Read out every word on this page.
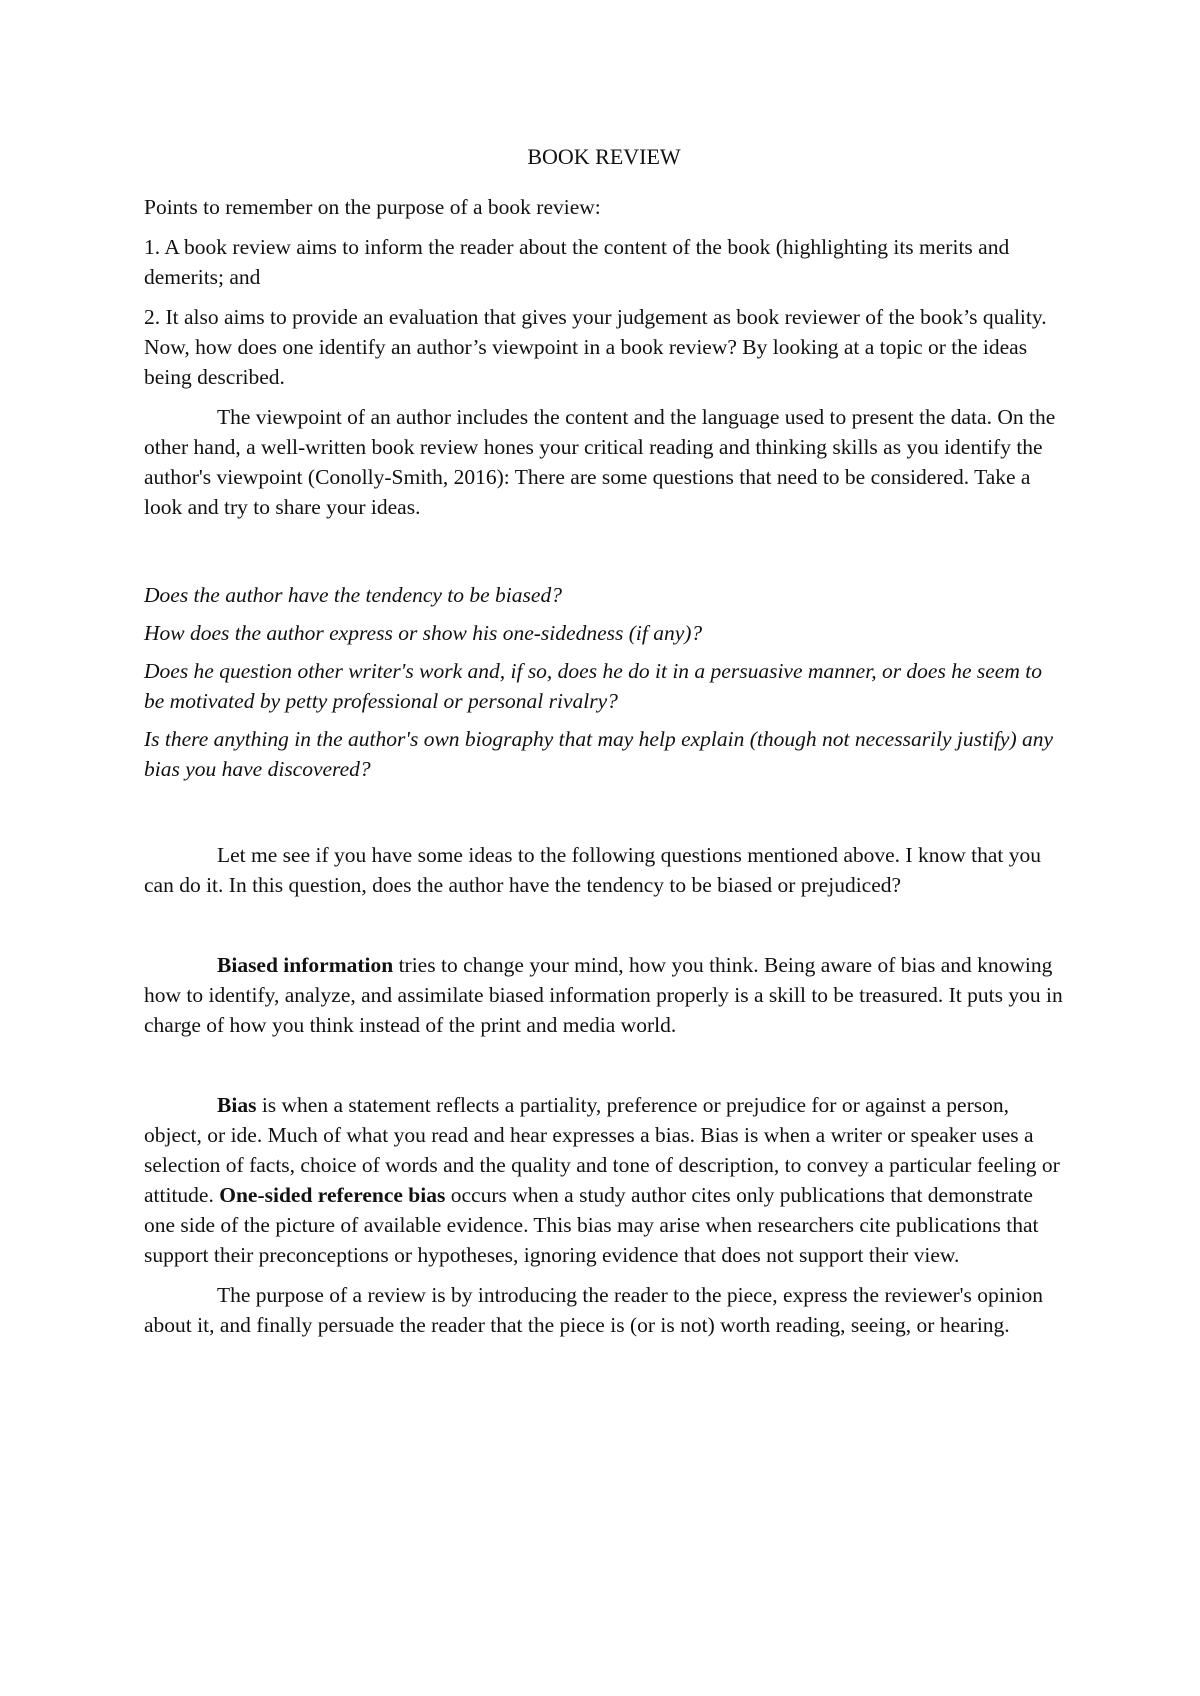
BOOK REVIEW

Points to remember on the purpose of a book review:

1. A book review aims to inform the reader about the content of the book (highlighting its merits and demerits; and

2. It also aims to provide an evaluation that gives your judgement as book reviewer of the book’s quality. Now, how does one identify an author’s viewpoint in a book review? By looking at a topic or the ideas being described.

The viewpoint of an author includes the content and the language used to present the data. On the other hand, a well-written book review hones your critical reading and thinking skills as you identify the author's viewpoint (Conolly-Smith, 2016): There are some questions that need to be considered. Take a look and try to share your ideas.

Does the author have the tendency to be biased?

How does the author express or show his one-sidedness (if any)?

Does he question other writer's work and, if so, does he do it in a persuasive manner, or does he seem to be motivated by petty professional or personal rivalry?

Is there anything in the author's own biography that may help explain (though not necessarily justify) any bias you have discovered?

Let me see if you have some ideas to the following questions mentioned above. I know that you can do it. In this question, does the author have the tendency to be biased or prejudiced?

Biased information tries to change your mind, how you think. Being aware of bias and knowing how to identify, analyze, and assimilate biased information properly is a skill to be treasured. It puts you in charge of how you think instead of the print and media world.

Bias is when a statement reflects a partiality, preference or prejudice for or against a person, object, or ide. Much of what you read and hear expresses a bias. Bias is when a writer or speaker uses a selection of facts, choice of words and the quality and tone of description, to convey a particular feeling or attitude. One-sided reference bias occurs when a study author cites only publications that demonstrate one side of the picture of available evidence. This bias may arise when researchers cite publications that support their preconceptions or hypotheses, ignoring evidence that does not support their view.

The purpose of a review is by introducing the reader to the piece, express the reviewer's opinion about it, and finally persuade the reader that the piece is (or is not) worth reading, seeing, or hearing.
